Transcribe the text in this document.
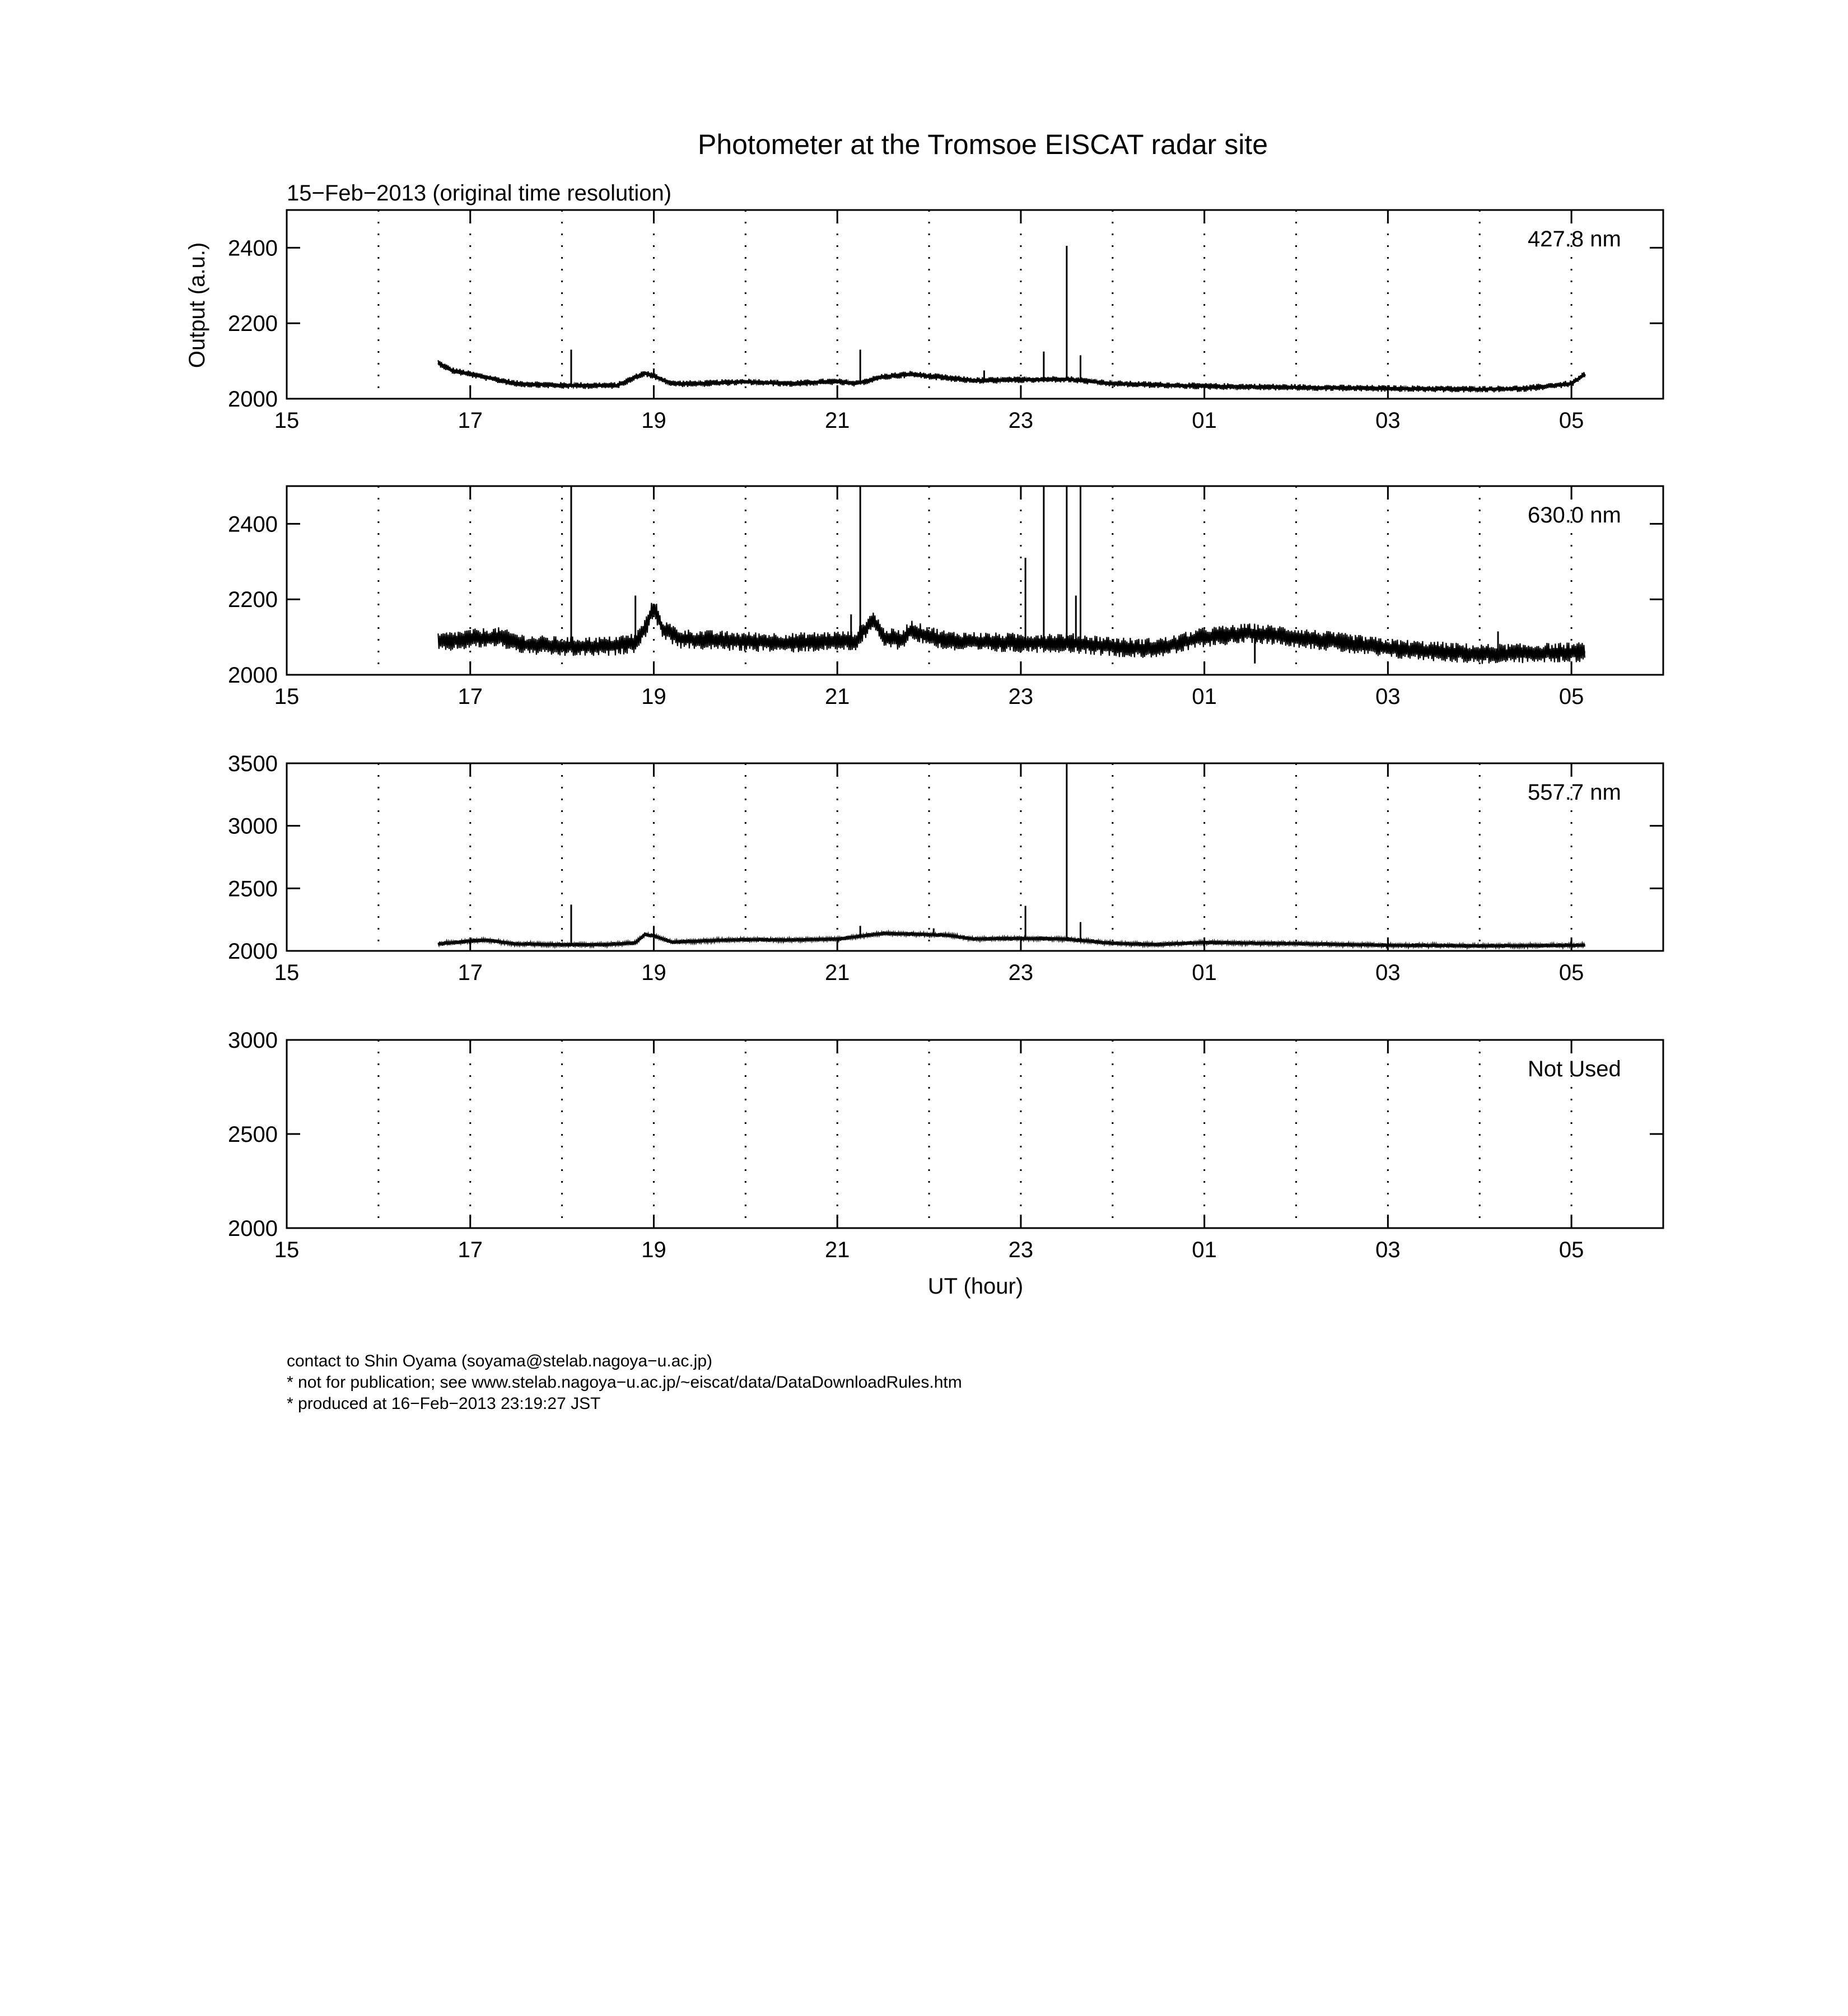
Photometer at the Tromsoe EISCAT radar site
15−Feb−2013 (original time resolution)
Output (a.u.)
UT (hour)
contact to Shin Oyama (soyama@stelab.nagoya−u.ac.jp)
* not for publication; see www.stelab.nagoya−u.ac.jp/~eiscat/data/DataDownloadRules.htm
* produced at 16−Feb−2013 23:19:27 JST
15	17	19	21	23	01	03	05
2000
2200
2400	427.8 nm
15	17	19	21	23	01	03	05
2000
2200
2400	630.0 nm
15	17	19	21	23	01	03	05
2000
2500
3000
3500
557.7 nm
15	17	19	21	23	01	03	05
2000
2500
3000
Not Used
